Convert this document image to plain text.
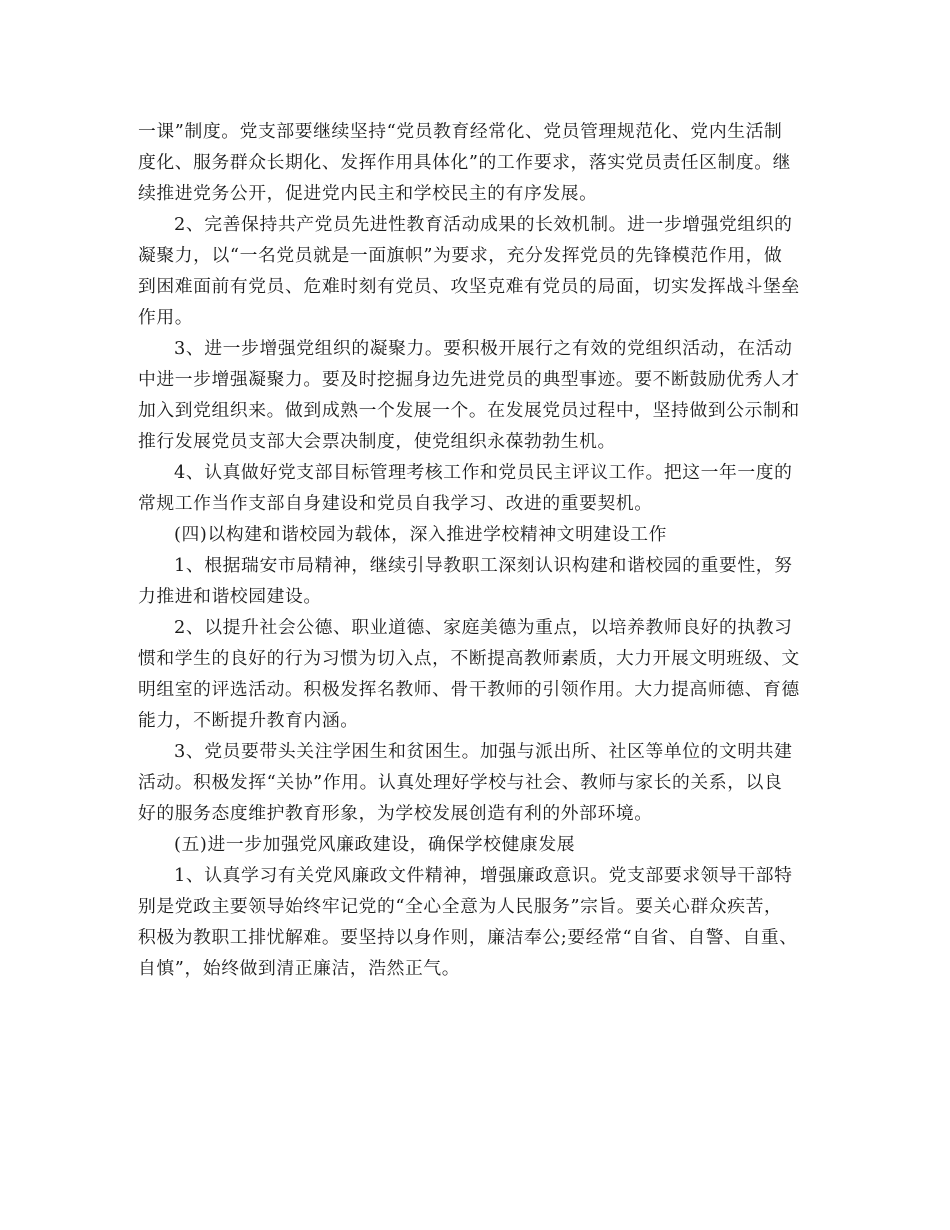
一课”制度。党支部要继续坚持“党员教育经常化、党员管理规范化、党内生活制
度化、服务群众长期化、发挥作用具体化”的工作要求，落实党员责任区制度。继
续推进党务公开，促进党内民主和学校民主的有序发展。

2、完善保持共产党员先进性教育活动成果的长效机制。进一步增强党组织的
凝聚力，以“一名党员就是一面旗帜”为要求，充分发挥党员的先锋模范作用，做
到困难面前有党员、危难时刻有党员、攻坚克难有党员的局面，切实发挥战斗堡垒
作用。

3、进一步增强党组织的凝聚力。要积极开展行之有效的党组织活动，在活动
中进一步增强凝聚力。要及时挖掘身边先进党员的典型事迹。要不断鼓励优秀人才
加入到党组织来。做到成熟一个发展一个。在发展党员过程中，坚持做到公示制和
推行发展党员支部大会票决制度，使党组织永葆勃勃生机。

4、认真做好党支部目标管理考核工作和党员民主评议工作。把这一年一度的
常规工作当作支部自身建设和党员自我学习、改进的重要契机。

(四)以构建和谐校园为载体，深入推进学校精神文明建设工作

1、根据瑞安市局精神，继续引导教职工深刻认识构建和谐校园的重要性，努
力推进和谐校园建设。

2、以提升社会公德、职业道德、家庭美德为重点，以培养教师良好的执教习
惯和学生的良好的行为习惯为切入点，不断提高教师素质，大力开展文明班级、文
明组室的评选活动。积极发挥名教师、骨干教师的引领作用。大力提高师德、育德
能力，不断提升教育内涵。

3、党员要带头关注学困生和贫困生。加强与派出所、社区等单位的文明共建
活动。积极发挥“关协”作用。认真处理好学校与社会、教师与家长的关系，以良
好的服务态度维护教育形象，为学校发展创造有利的外部环境。

(五)进一步加强党风廉政建设，确保学校健康发展

1、认真学习有关党风廉政文件精神，增强廉政意识。党支部要求领导干部特
别是党政主要领导始终牢记党的“全心全意为人民服务”宗旨。要关心群众疾苦，
积极为教职工排忧解难。要坚持以身作则，廉洁奉公;要经常“自省、自警、自重、
自慎”，始终做到清正廉洁，浩然正气。
